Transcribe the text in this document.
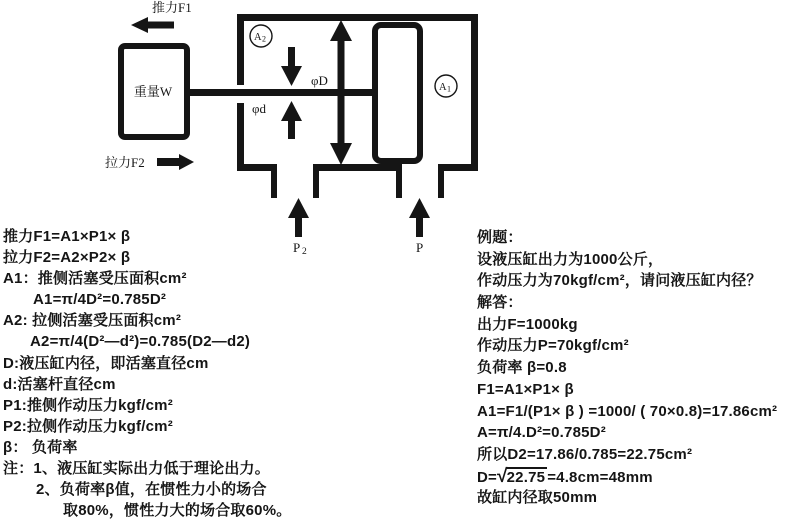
推力F1
重量W
拉力F2
φD
φd
A 2
A 1
P 2	P
推力F1=A1×P1× β
拉力F2=A2×P2× β
A1：推侧活塞受压面积cm²
A1=π/4D²=0.785D²
A2: 拉侧活塞受压面积cm²
A2=π/4(D²—d²)=0.785(D2—d2)
D:液压缸内径，即活塞直径cm
d:活塞杆直径cm
P1:推侧作动压力kgf/cm²
P2:拉侧作动压力kgf/cm²
β： 负荷率
注：1、液压缸实际出力低于理论出力。
2、负荷率β值，在惯性力小的场合
取80%，惯性力大的场合取60%。
例题：
设液压缸出力为1000公斤，
作动压力为70kgf/cm²，请问液压缸内径？
解答：
出力F=1000kg
作动压力P=70kgf/cm²
负荷率 β=0.8
F1=A1×P1× β
A1=F1/(P1× β ) =1000/ ( 70×0.8)=17.86cm²
A=π/4.D²=0.785D²
所以D2=17.86/0.785=22.75cm²
D=√22.75 =4.8cm=48mm
故缸内径取50mm
